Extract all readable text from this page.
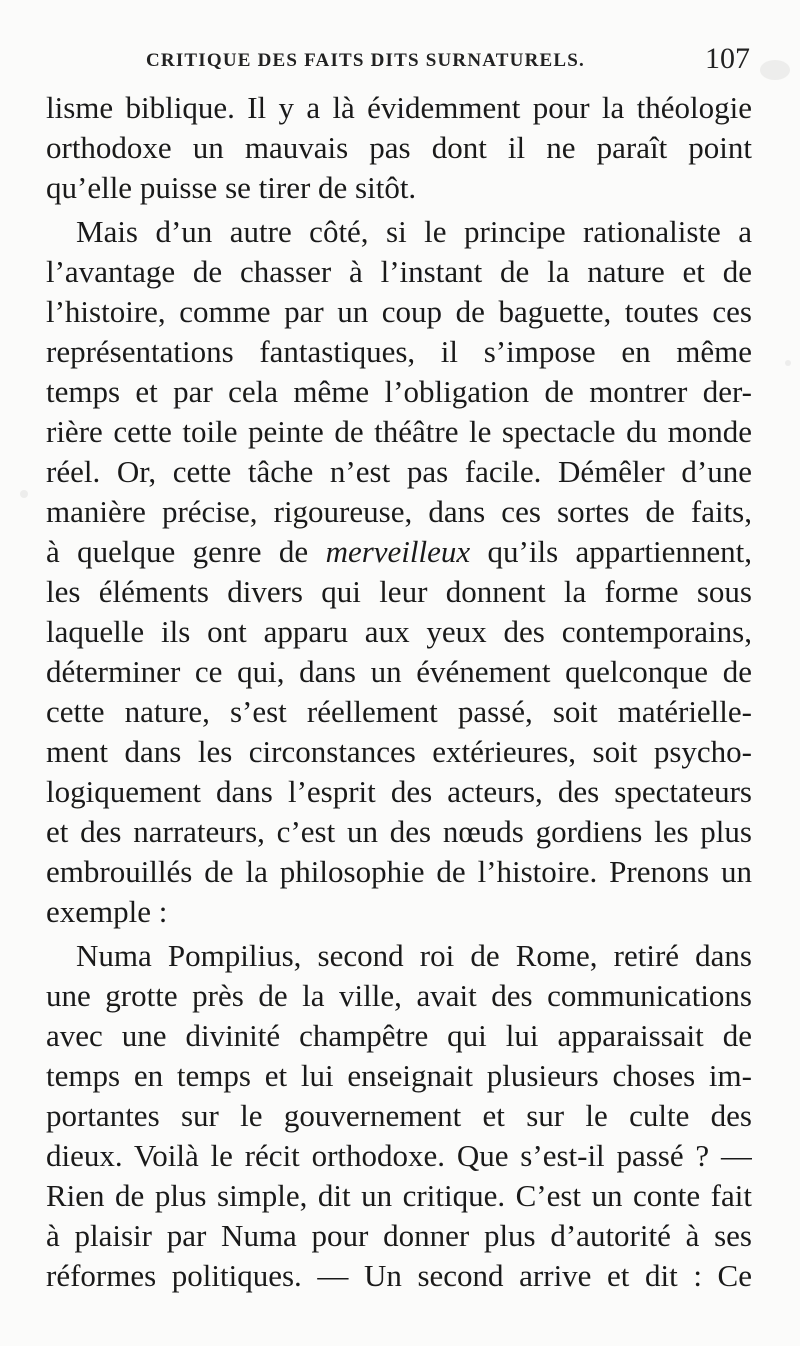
CRITIQUE DES FAITS DITS SURNATURELS.	107
lisme biblique. Il y a là évidemment pour la théologie
orthodoxe un mauvais pas dont il ne paraît point
qu’elle puisse se tirer de sitôt.
Mais d’un autre côté, si le principe rationaliste a
l’avantage de chasser à l’instant de la nature et de
l’histoire, comme par un coup de baguette, toutes ces
représentations fantastiques, il s’impose en même
temps et par cela même l’obligation de montrer der-
rière cette toile peinte de théâtre le spectacle du monde
réel. Or, cette tâche n’est pas facile. Démêler d’une
manière précise, rigoureuse, dans ces sortes de faits,
à quelque genre de merveilleux qu’ils appartiennent,
les éléments divers qui leur donnent la forme sous
laquelle ils ont apparu aux yeux des contemporains,
déterminer ce qui, dans un événement quelconque de
cette nature, s’est réellement passé, soit matérielle-
ment dans les circonstances extérieures, soit psycho-
logiquement dans l’esprit des acteurs, des spectateurs
et des narrateurs, c’est un des nœuds gordiens les plus
embrouillés de la philosophie de l’histoire. Prenons un
exemple :
Numa Pompilius, second roi de Rome, retiré dans
une grotte près de la ville, avait des communications
avec une divinité champêtre qui lui apparaissait de
temps en temps et lui enseignait plusieurs choses im-
portantes sur le gouvernement et sur le culte des
dieux. Voilà le récit orthodoxe. Que s’est-il passé ? —
Rien de plus simple, dit un critique. C’est un conte fait
à plaisir par Numa pour donner plus d’autorité à ses
réformes politiques. — Un second arrive et dit : Ce
